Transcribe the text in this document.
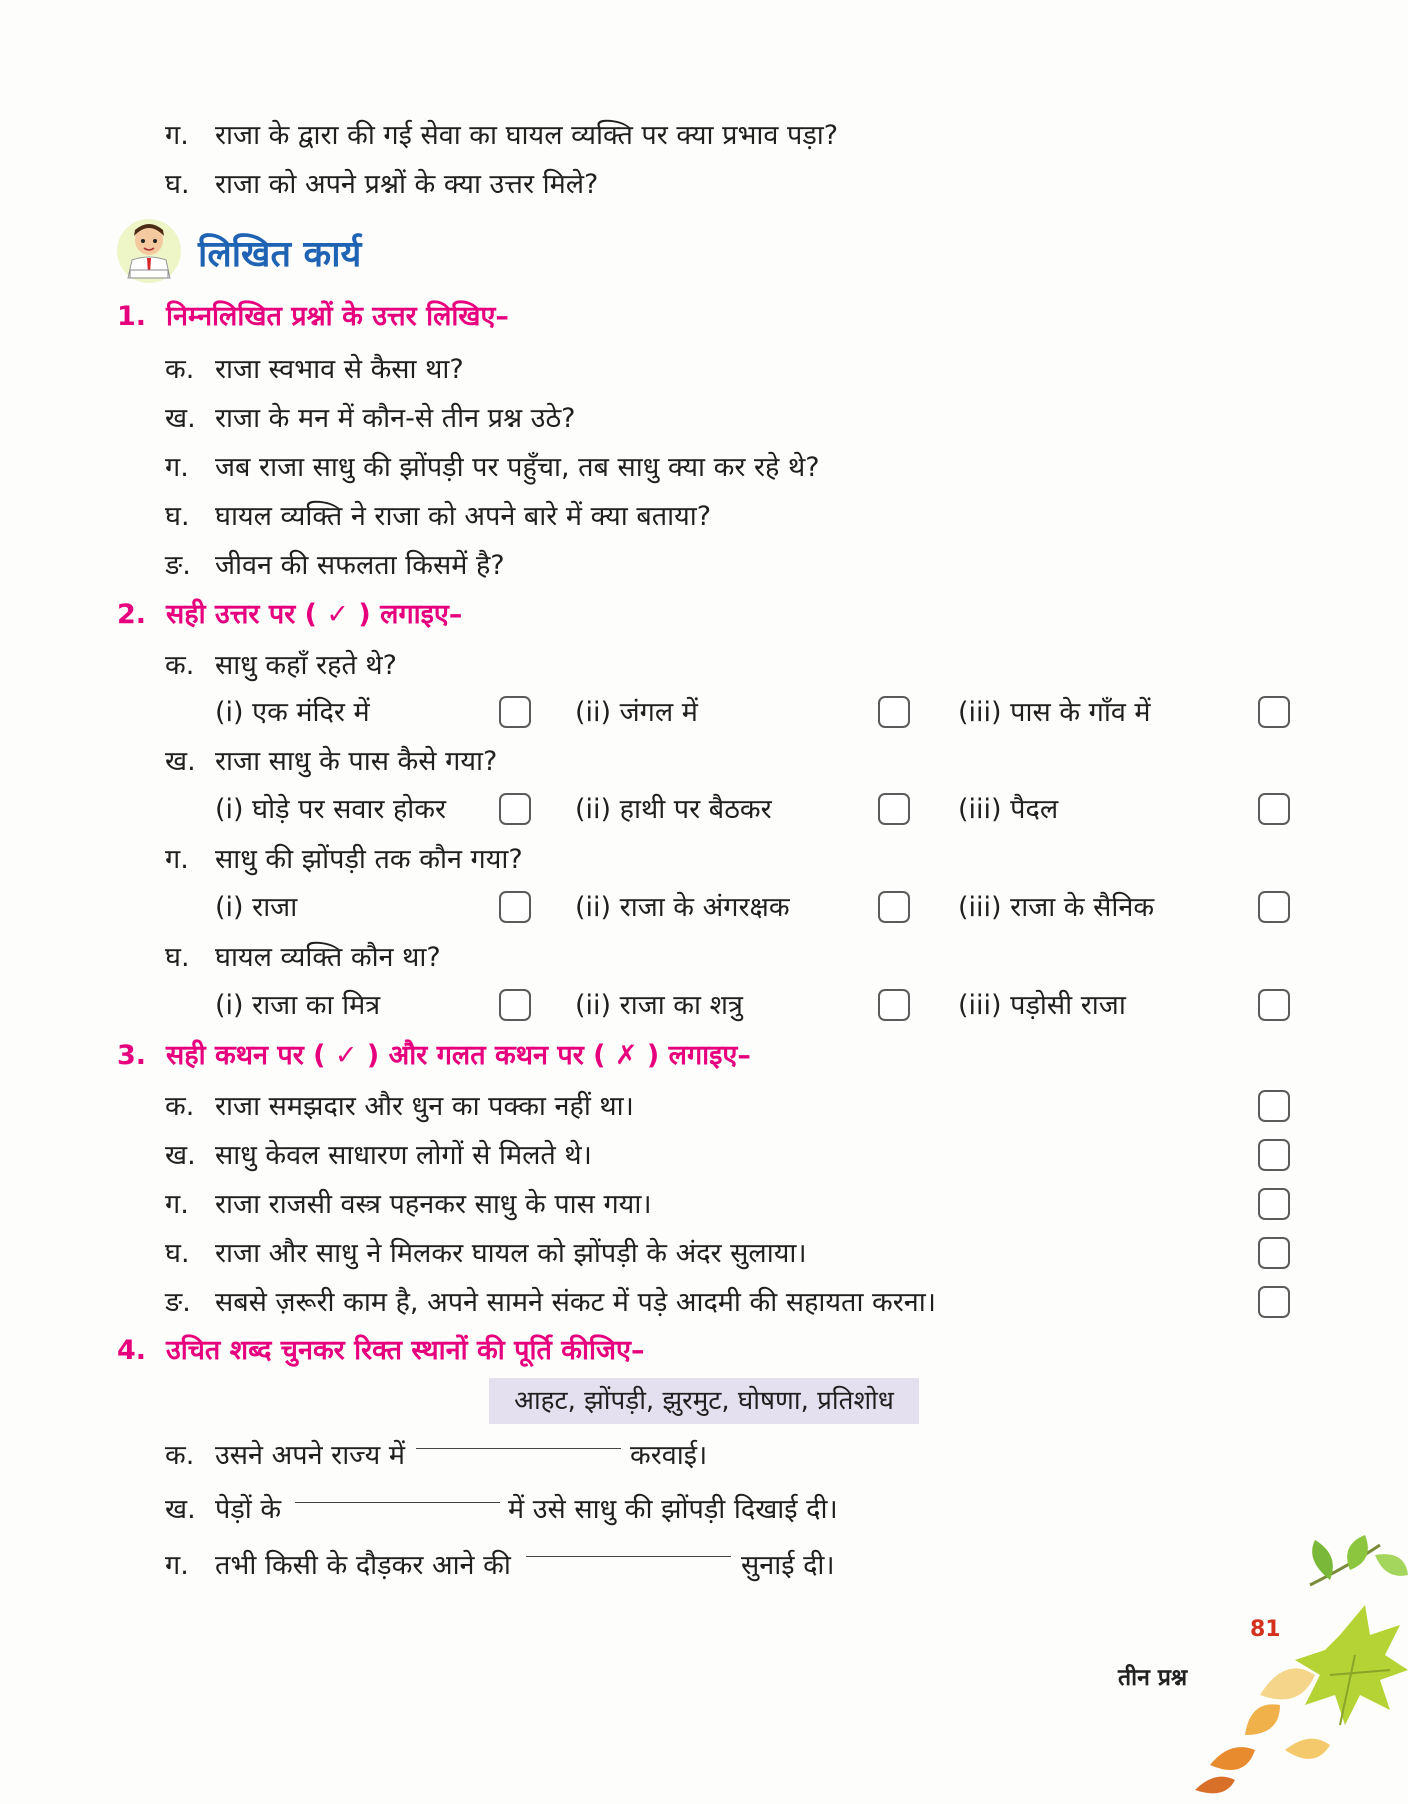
ग. राजा के द्वारा की गई सेवा का घायल व्यक्ति पर क्या प्रभाव पड़ा?
घ. राजा को अपने प्रश्नों के क्या उत्तर मिले?
लिखित कार्य
1. निम्नलिखित प्रश्नों के उत्तर लिखिए–
क. राजा स्वभाव से कैसा था?
ख. राजा के मन में कौन-से तीन प्रश्न उठे?
ग. जब राजा साधु की झोंपड़ी पर पहुँचा, तब साधु क्या कर रहे थे?
घ. घायल व्यक्ति ने राजा को अपने बारे में क्या बताया?
ङ. जीवन की सफलता किसमें है?
2. सही उत्तर पर ( ✓ ) लगाइए–
क. साधु कहाँ रहते थे?
(i) एक मंदिर में	(ii) जंगल में	(iii) पास के गाँव में
ख. राजा साधु के पास कैसे गया?
(i) घोड़े पर सवार होकर	(ii) हाथी पर बैठकर	(iii) पैदल
ग. साधु की झोंपड़ी तक कौन गया?
(i) राजा	(ii) राजा के अंगरक्षक	(iii) राजा के सैनिक
घ. घायल व्यक्ति कौन था?
(i) राजा का मित्र	(ii) राजा का शत्रु	(iii) पड़ोसी राजा
3. सही कथन पर ( ✓ ) और गलत कथन पर ( ✗ ) लगाइए–
क. राजा समझदार और धुन का पक्का नहीं था।
ख. साधु केवल साधारण लोगों से मिलते थे।
ग. राजा राजसी वस्त्र पहनकर साधु के पास गया।
घ. राजा और साधु ने मिलकर घायल को झोंपड़ी के अंदर सुलाया।
ङ. सबसे ज़रूरी काम है, अपने सामने संकट में पड़े आदमी की सहायता करना।
4. उचित शब्द चुनकर रिक्त स्थानों की पूर्ति कीजिए–
आहट, झोंपड़ी, झुरमुट, घोषणा, प्रतिशोध
क. उसने अपने राज्य में	करवाई।
ख. पेड़ों के	में उसे साधु की झोंपड़ी दिखाई दी।
ग. तभी किसी के दौड़कर आने की	सुनाई दी।
81
तीन प्रश्न
